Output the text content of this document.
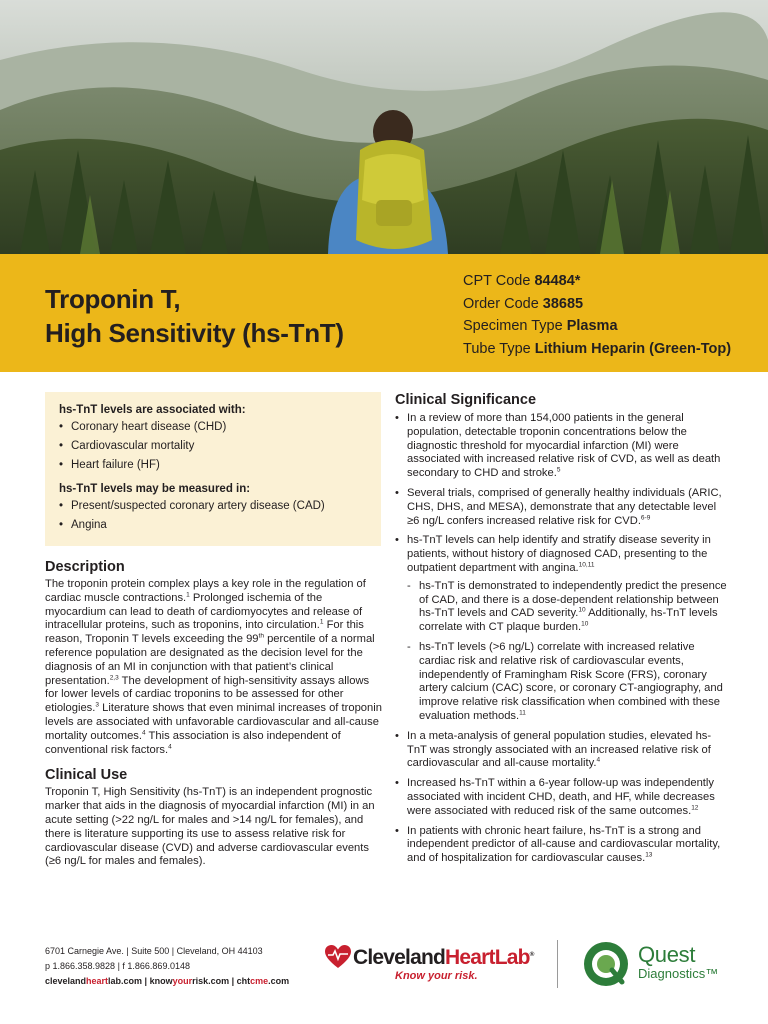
Troponin T,
High Sensitivity (hs-TnT)
CPT Code 84484*
Order Code 38685
Specimen Type Plasma
Tube Type Lithium Heparin (Green-Top)
hs-TnT levels are associated with:
• Coronary heart disease (CHD)
• Cardiovascular mortality
• Heart failure (HF)
hs-TnT levels may be measured in:
• Present/suspected coronary artery disease (CAD)
• Angina
Description

The troponin protein complex plays a key role in the regulation of cardiac muscle contractions.$^1$ Prolonged ischemia of the myocardium can lead to death of cardiomyocytes and release of intracellular proteins, such as troponins, into circulation.$^1$ For this reason, Troponin T levels exceeding the 99th percentile of a normal reference population are designated as the decision level for the diagnosis of an MI in conjunction with that patient’s clinical presentation.$^{2,3}$ The development of high-sensitivity assays allows for lower levels of cardiac troponins to be assessed for other etiologies.$^3$ Literature shows that even minimal increases of troponin levels are associated with unfavorable cardiovascular and all-cause mortality outcomes.$^4$ This association is also independent of conventional risk factors.$^4$

Clinical Use

Troponin T, High Sensitivity (hs-TnT) is an independent prognostic marker that aids in the diagnosis of myocardial infarction (MI) in an acute setting (>22 ng/L for males and >14 ng/L for females), and there is literature supporting its use to assess relative risk for cardiovascular disease (CVD) and adverse cardiovascular events (≥6 ng/L for males and females).

Clinical Significance
• In a review of more than 154,000 patients in the general population, detectable troponin concentrations below the diagnostic threshold for myocardial infarction (MI) were associated with increased relative risk of CVD, as well as death secondary to CHD and stroke.$^5$
• Several trials, comprised of generally healthy individuals (ARIC, CHS, DHS, and MESA), demonstrate that any detectable level ≥6 ng/L confers increased relative risk for CVD.$^{6-9}$
• hs-TnT levels can help identify and stratify disease severity in patients, without history of diagnosed CAD, presenting to the outpatient department with angina.$^{10,11}$
- hs-TnT is demonstrated to independently predict the presence of CAD, and there is a dose-dependent relationship between hs-TnT levels and CAD severity.$^{10}$ Additionally, hs-TnT levels correlate with CT plaque burden.$^{10}$
- hs-TnT levels (>6 ng/L) correlate with increased relative cardiac risk and relative risk of cardiovascular events, independently of Framingham Risk Score (FRS), coronary artery calcium (CAC) score, or coronary CT-angiography, and improve relative risk classification when combined with these evaluation methods.$^{11}$
• In a meta-analysis of general population studies, elevated hs-TnT was strongly associated with an increased relative risk of cardiovascular and all-cause mortality.$^4$
• Increased hs-TnT within a 6-year follow-up was independently associated with incident CHD, death, and HF, while decreases were associated with reduced risk of the same outcomes.$^{12}$
• In patients with chronic heart failure, hs-TnT is a strong and independent predictor of all-cause and cardiovascular mortality, and of hospitalization for cardiovascular causes.$^{13}$
6701 Carnegie Ave. | Suite 500 | Cleveland, OH 44103
p 1.866.358.9828 | f 1.866.869.0148
clevelandheartlab.com | knowyourrisk.com | chtcme.com
ClevelandHeartLab®
Know your risk.
Quest
Diagnostics™
